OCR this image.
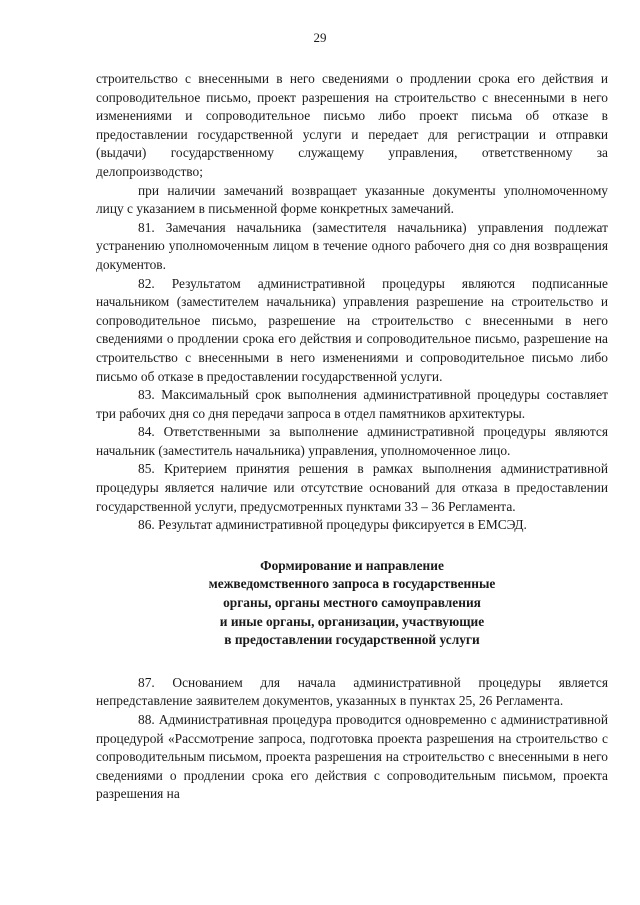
29

строительство с внесенными в него сведениями о продлении срока его действия и сопроводительное письмо, проект разрешения на строительство с внесенными в него изменениями и сопроводительное письмо либо проект письма об отказе в предоставлении государственной услуги и передает для регистрации и отправки (выдачи) государственному служащему управления, ответственному за делопроизводство;

при наличии замечаний возвращает указанные документы уполномоченному лицу с указанием в письменной форме конкретных замечаний.

81. Замечания начальника (заместителя начальника) управления подлежат устранению уполномоченным лицом в течение одного рабочего дня со дня возвращения документов.

82. Результатом административной процедуры являются подписанные начальником (заместителем начальника) управления разрешение на строительство и сопроводительное письмо, разрешение на строительство с внесенными в него сведениями о продлении срока его действия и сопроводительное письмо, разрешение на строительство с внесенными в него изменениями и сопроводительное письмо либо письмо об отказе в предоставлении государственной услуги.

83. Максимальный срок выполнения административной процедуры составляет три рабочих дня со дня передачи запроса в отдел памятников архитектуры.

84. Ответственными за выполнение административной процедуры являются начальник (заместитель начальника) управления, уполномоченное лицо.

85. Критерием принятия решения в рамках выполнения административной процедуры является наличие или отсутствие оснований для отказа в предоставлении государственной услуги, предусмотренных пунктами 33 – 36 Регламента.

86. Результат административной процедуры фиксируется в ЕМСЭД.

Формирование и направление
межведомственного запроса в государственные
органы, органы местного самоуправления
и иные органы, организации, участвующие
в предоставлении государственной услуги

87. Основанием для начала административной процедуры является непредставление заявителем документов, указанных в пунктах 25, 26 Регламента.

88. Административная процедура проводится одновременно с административной процедурой «Рассмотрение запроса, подготовка проекта разрешения на строительство с сопроводительным письмом, проекта разрешения на строительство с внесенными в него сведениями о продлении срока его действия с сопроводительным письмом, проекта разрешения на
